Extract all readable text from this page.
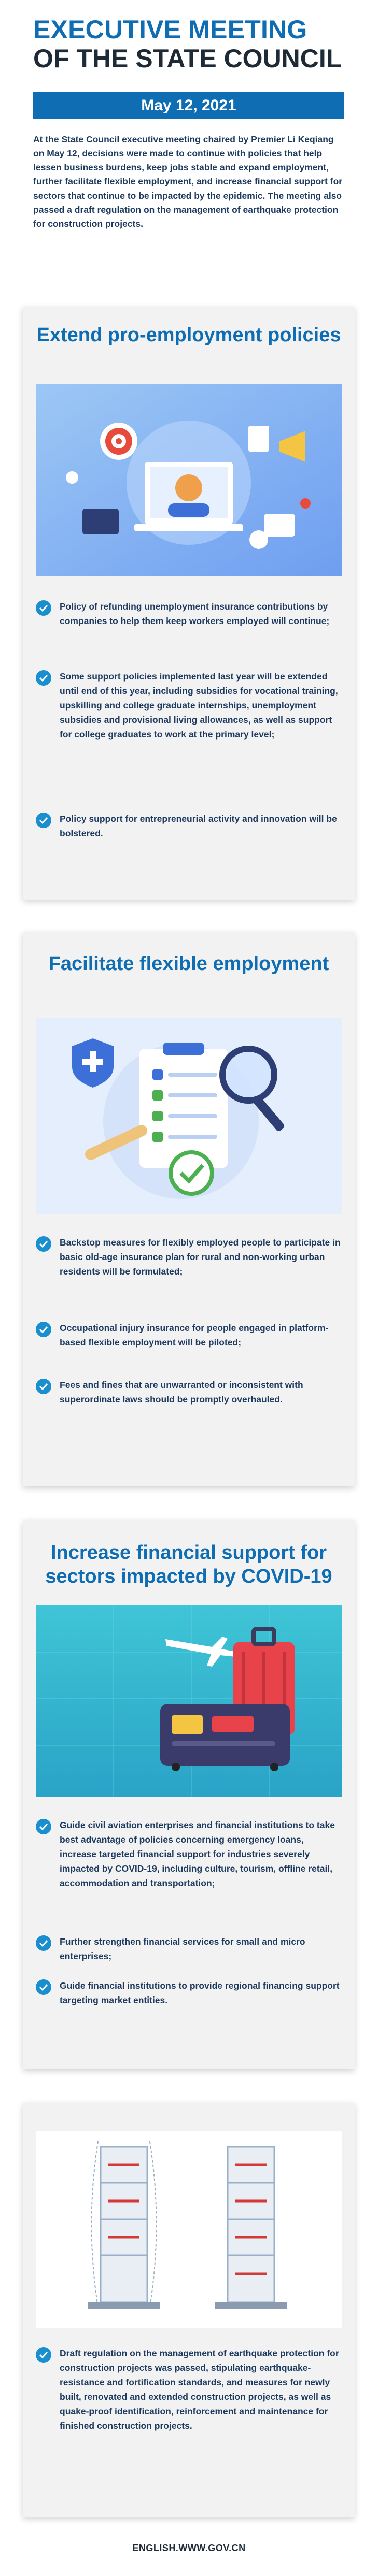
EXECUTIVE MEETING
OF THE STATE COUNCIL
May 12, 2021
At the State Council executive meeting chaired by Premier Li Keqiang on May 12, decisions were made to continue with policies that help lessen business burdens, keep jobs stable and expand employment, further facilitate flexible employment, and increase financial support for sectors that continue to be impacted by the epidemic. The meeting also passed a draft regulation on the management of earthquake protection for construction projects.
Extend pro-employment policies
Policy of refunding unemployment insurance contributions by companies to help them keep workers employed will continue;
Some support policies implemented last year will be extended until end of this year, including subsidies for vocational training, upskilling and college graduate internships, unemployment subsidies and provisional living allowances, as well as support for college graduates to work at the primary level;
Policy support for entrepreneurial activity and innovation will be bolstered.
Facilitate flexible employment
Backstop measures for flexibly employed people to participate in basic old-age insurance plan for rural and non-working urban residents will be formulated;
Occupational injury insurance for people engaged in platform-based flexible employment will be piloted;
Fees and fines that are unwarranted or inconsistent with superordinate laws should be promptly overhauled.
Increase financial support for sectors impacted by COVID-19
Guide civil aviation enterprises and financial institutions to take best advantage of policies concerning emergency loans, increase targeted financial support for industries severely impacted by COVID-19, including culture, tourism, offline retail, accommodation and transportation;
Further strengthen financial services for small and micro enterprises;
Guide financial institutions to provide regional financing support targeting market entities.
Draft regulation on the management of earthquake protection for construction projects was passed, stipulating earthquake-resistance and fortification standards, and measures for newly built, renovated and extended construction projects, as well as quake-proof identification, reinforcement and maintenance for finished construction projects.
ENGLISH.WWW.GOV.CN
